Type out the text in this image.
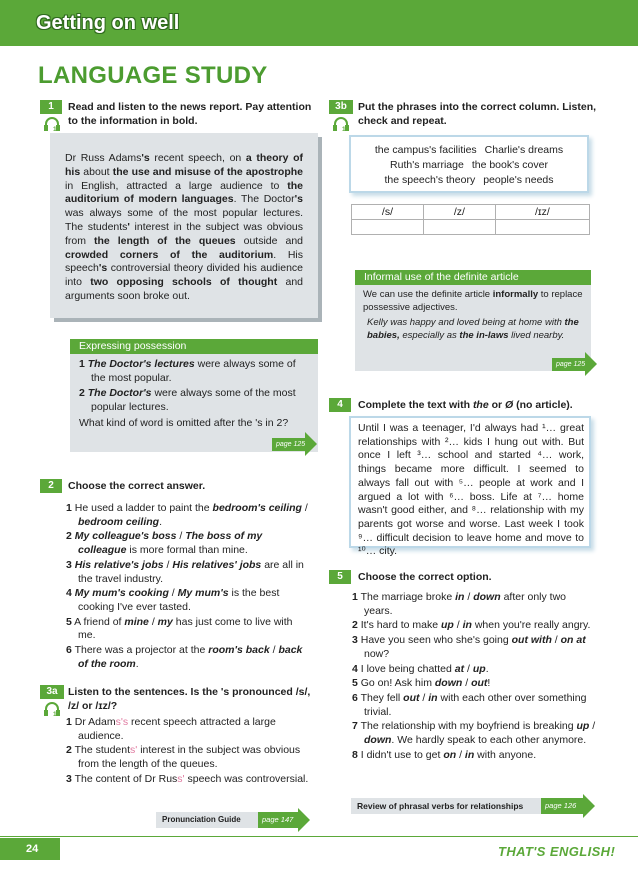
Getting on well
LANGUAGE STUDY
1	Read and listen to the news report. Pay attention to the information in bold.
10

Dr Russ Adams's recent speech, on a theory of his about the use and misuse of the apostrophe in English, attracted a large audience to the auditorium of modern languages. The Doctor's was always some of the most popular lectures. The students' interest in the subject was obvious from the length of the queues outside and crowded corners of the auditorium. His speech's controversial theory divided his audience into two opposing schools of thought and arguments soon broke out.

Expressing possession
1 The Doctor's lectures were always some of the most popular.
2 The Doctor's were always some of the most popular lectures.
What kind of word is omitted after the 's in 2?
page 125
2	Choose the correct answer.
1 He used a ladder to paint the bedroom's ceiling / bedroom ceiling.
2 My colleague's boss / The boss of my colleague is more formal than mine.
3 His relative's jobs / His relatives' jobs are all in the travel industry.
4 My mum's cooking / My mum's is the best cooking I've ever tasted.
5 A friend of mine / my has just come to live with me.
6 There was a projector at the room's back / back of the room.
3a Listen to the sentences. Is the 's pronounced /s/, /z/ or /ɪz/?
11
1 Dr Adams's recent speech attracted a large audience.
2 The students' interest in the subject was obvious from the length of the queues.
3 The content of Dr Russ' speech was controversial.
Pronunciation Guide	page 147
3b	Put the phrases into the correct column. Listen, check and repeat.
12
the campus's facilities Charlie's dreams
Ruth's marriage the book's cover
the speech's theory people's needs
/s/	/z/	/ɪz/

Informal use of the definite article
We can use the definite article informally to replace possessive adjectives.
Kelly was happy and loved being at home with the babies, especially as the in-laws lived nearby.
page 125
4	Complete the text with the or Ø (no article).

Until I was a teenager, I'd always had ¹… great relationships with ²… kids I hung out with. But once I left ³… school and started ⁴… work, things became more difficult. I seemed to always fall out with ⁵… people at work and I argued a lot with ⁶… boss. Life at ⁷… home wasn't good either, and ⁸… relationship with my parents got worse and worse. Last week I took ⁹… difficult decision to leave home and move to ¹⁰… city.

5	Choose the correct option.
1 The marriage broke in / down after only two years.
2 It's hard to make up / in when you're really angry.
3 Have you seen who she's going out with / on at now?
4 I love being chatted at / up.
5 Go on! Ask him down / out!
6 They fell out / in with each other over something trivial.
7 The relationship with my boyfriend is breaking up / down. We hardly speak to each other anymore.
8 I didn't use to get on / in with anyone.
Review of phrasal verbs for relationships	page 126
24	THAT'S ENGLISH!
